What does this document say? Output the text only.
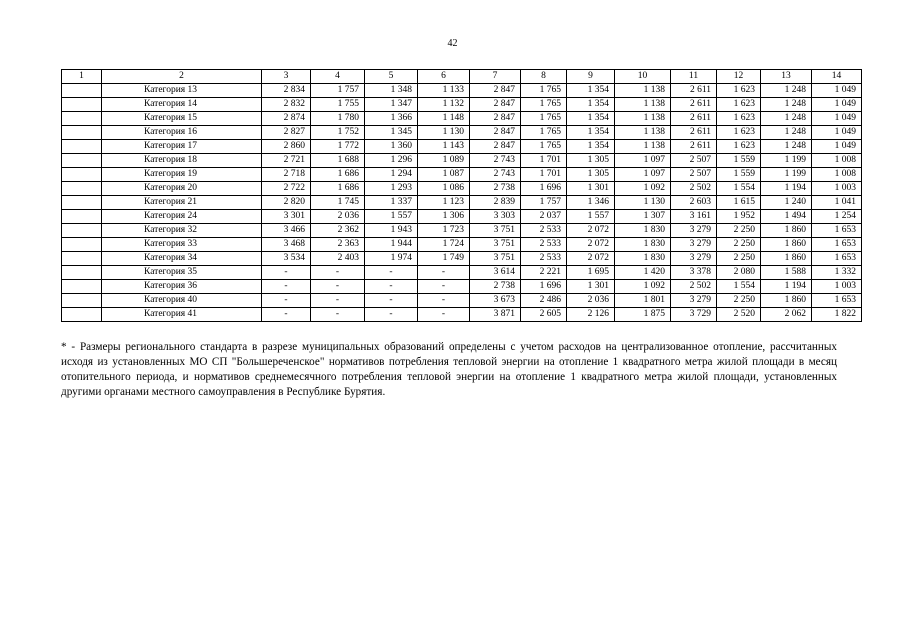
42
1	2	3	4	5	6	7	8	9	10	11	12	13	14
	Категория 13	2 834	1 757	1 348	1 133	2 847	1 765	1 354	1 138	2 611	1 623	1 248	1 049
	Категория 14	2 832	1 755	1 347	1 132	2 847	1 765	1 354	1 138	2 611	1 623	1 248	1 049
	Категория 15	2 874	1 780	1 366	1 148	2 847	1 765	1 354	1 138	2 611	1 623	1 248	1 049
	Категория 16	2 827	1 752	1 345	1 130	2 847	1 765	1 354	1 138	2 611	1 623	1 248	1 049
	Категория 17	2 860	1 772	1 360	1 143	2 847	1 765	1 354	1 138	2 611	1 623	1 248	1 049
	Категория 18	2 721	1 688	1 296	1 089	2 743	1 701	1 305	1 097	2 507	1 559	1 199	1 008
	Категория 19	2 718	1 686	1 294	1 087	2 743	1 701	1 305	1 097	2 507	1 559	1 199	1 008
	Категория 20	2 722	1 686	1 293	1 086	2 738	1 696	1 301	1 092	2 502	1 554	1 194	1 003
	Категория 21	2 820	1 745	1 337	1 123	2 839	1 757	1 346	1 130	2 603	1 615	1 240	1 041
	Категория 24	3 301	2 036	1 557	1 306	3 303	2 037	1 557	1 307	3 161	1 952	1 494	1 254
	Категория 32	3 466	2 362	1 943	1 723	3 751	2 533	2 072	1 830	3 279	2 250	1 860	1 653
	Категория 33	3 468	2 363	1 944	1 724	3 751	2 533	2 072	1 830	3 279	2 250	1 860	1 653
	Категория 34	3 534	2 403	1 974	1 749	3 751	2 533	2 072	1 830	3 279	2 250	1 860	1 653
	Категория 35	-	-	-	-	3 614	2 221	1 695	1 420	3 378	2 080	1 588	1 332
	Категория 36	-	-	-	-	2 738	1 696	1 301	1 092	2 502	1 554	1 194	1 003
	Категория 40	-	-	-	-	3 673	2 486	2 036	1 801	3 279	2 250	1 860	1 653
	Категория 41	-	-	-	-	3 871	2 605	2 126	1 875	3 729	2 520	2 062	1 822
* - Размеры регионального стандарта в разрезе муниципальных образований определены с учетом расходов на централизованное отопление, рассчитанных исходя из установленных МО СП "Большереченское" нормативов потребления тепловой энергии на отопление 1 квадратного метра жилой площади в месяц отопительного периода, и нормативов среднемесячного потребления тепловой энергии на отопление 1 квадратного метра жилой площади, установленных другими органами местного самоуправления в Республике Бурятия.
